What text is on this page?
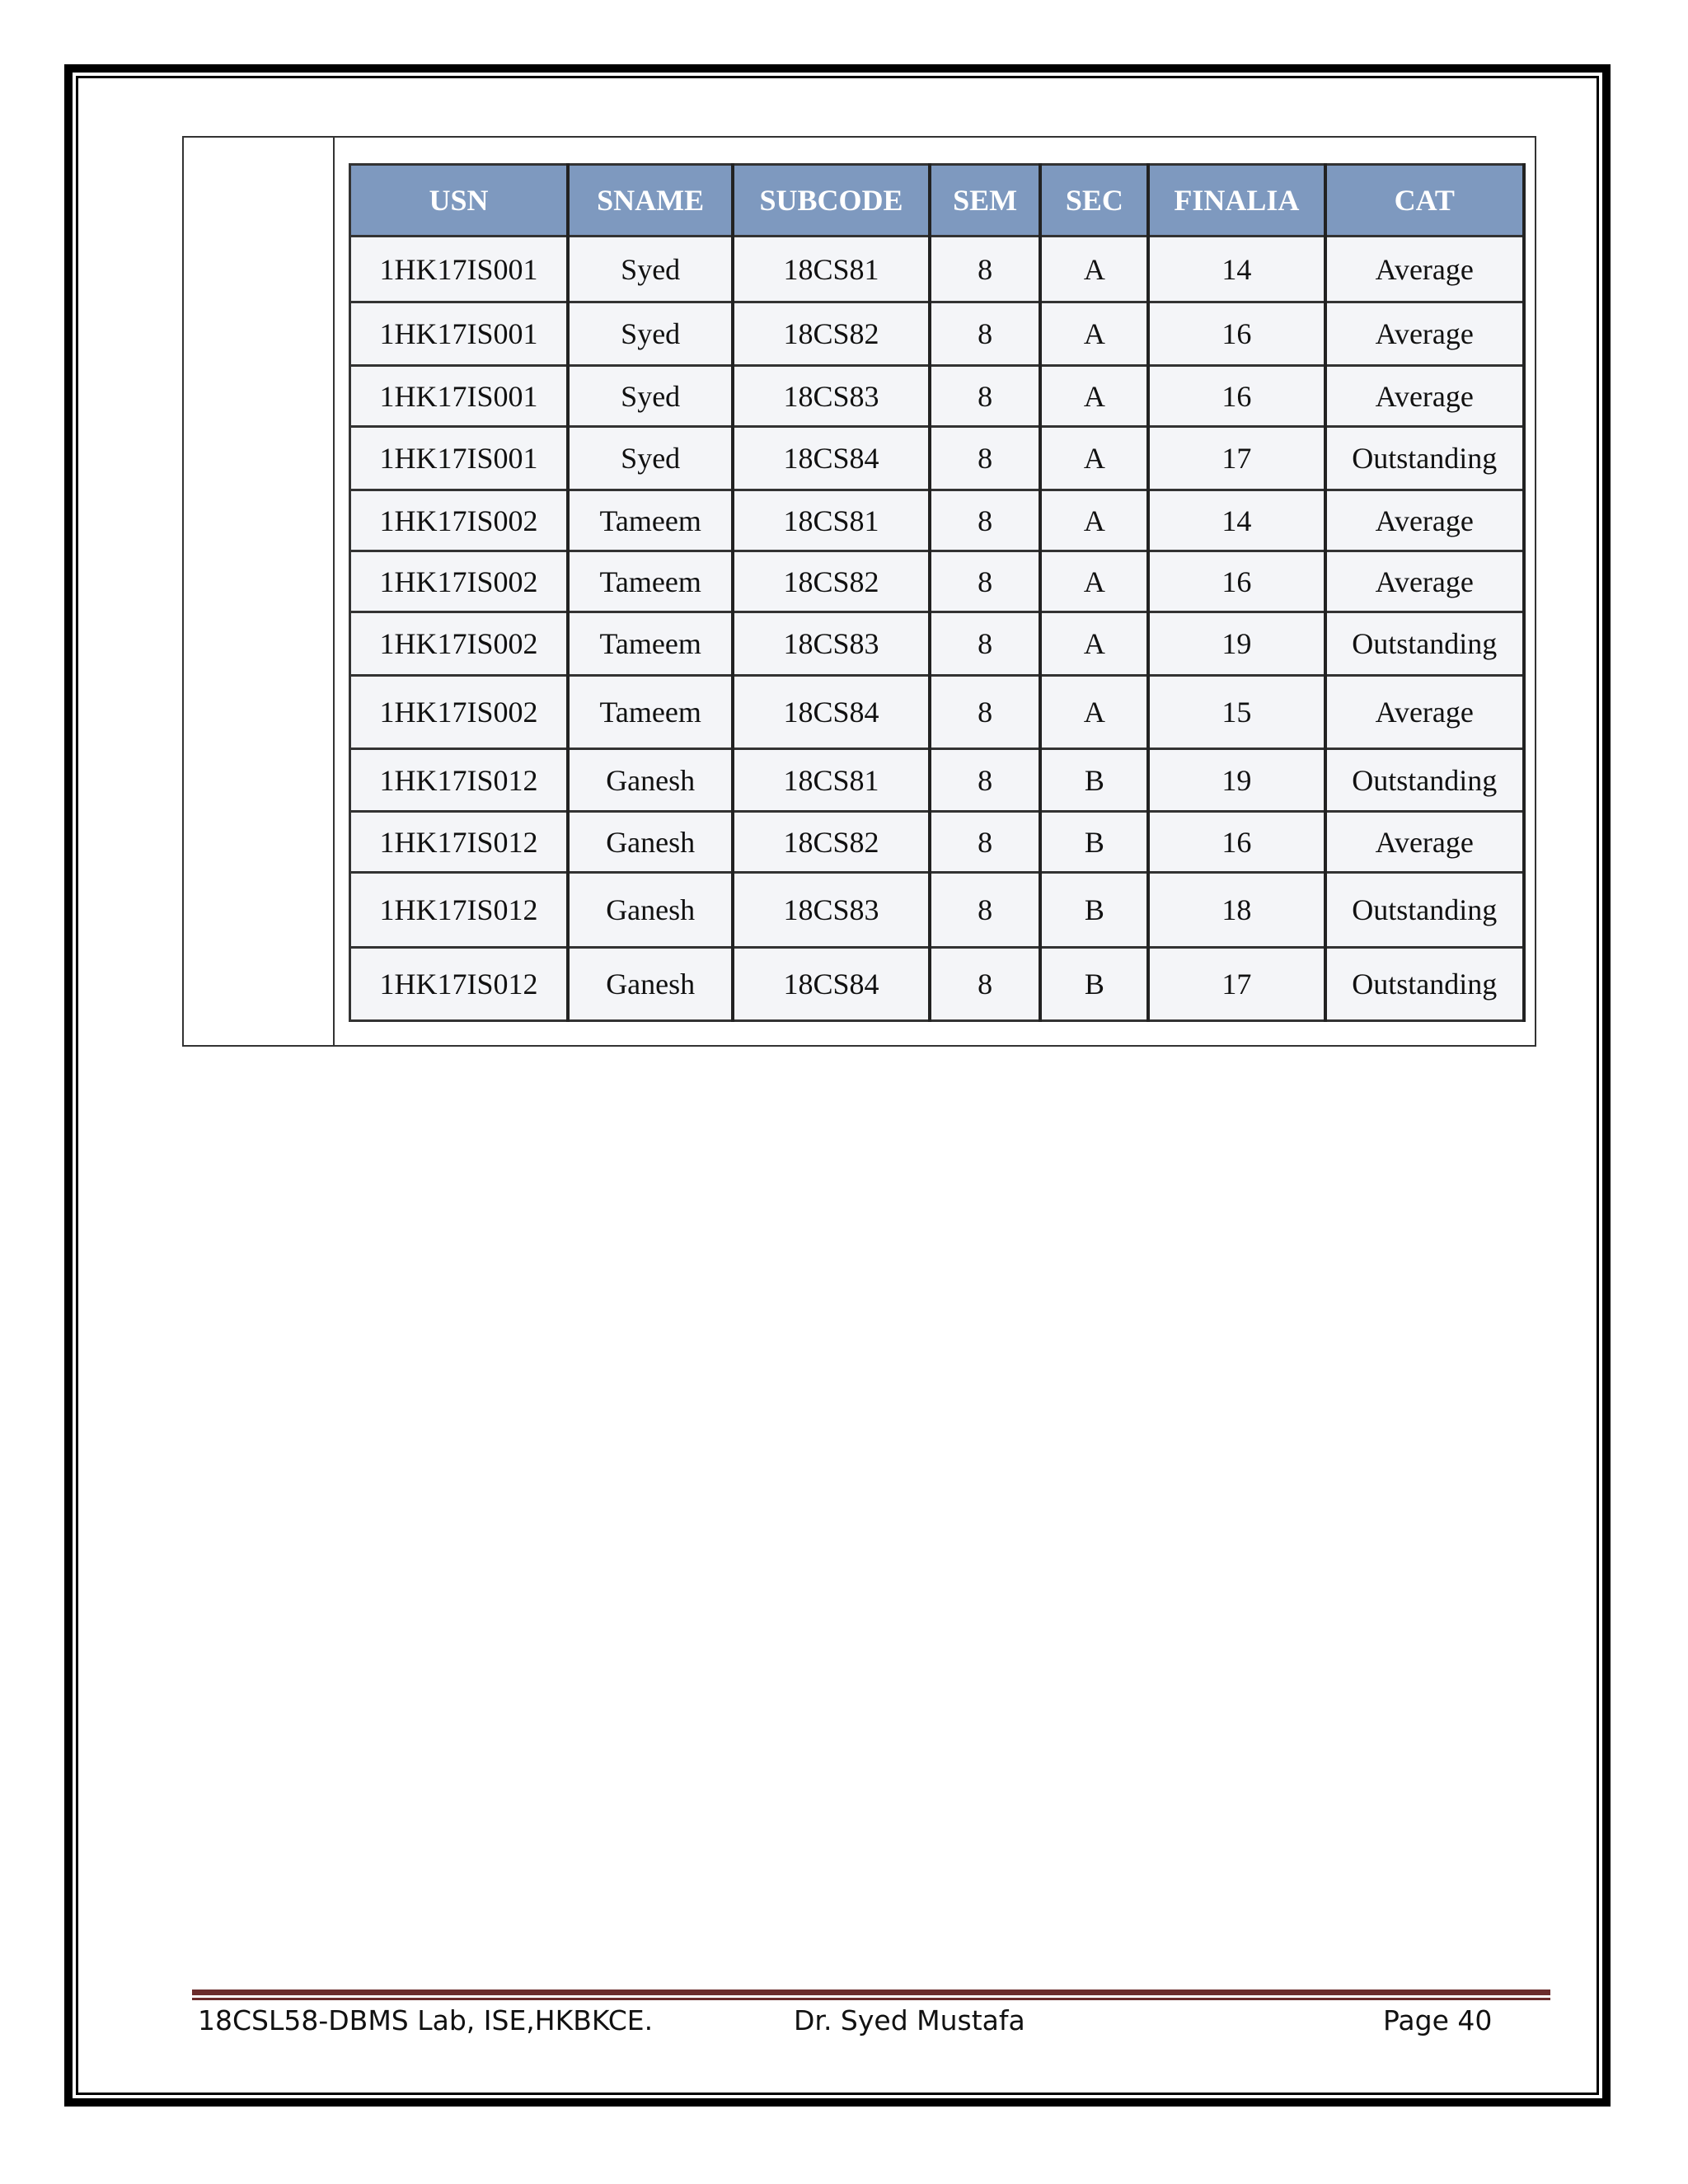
USN	SNAME	SUBCODE	SEM	SEC	FINALIA	CAT
1HK17IS001	Syed	18CS81	8	A	14	Average
1HK17IS001	Syed	18CS82	8	A	16	Average
1HK17IS001	Syed	18CS83	8	A	16	Average
1HK17IS001	Syed	18CS84	8	A	17	Outstanding
1HK17IS002	Tameem	18CS81	8	A	14	Average
1HK17IS002	Tameem	18CS82	8	A	16	Average
1HK17IS002	Tameem	18CS83	8	A	19	Outstanding
1HK17IS002	Tameem	18CS84	8	A	15	Average
1HK17IS012	Ganesh	18CS81	8	B	19	Outstanding
1HK17IS012	Ganesh	18CS82	8	B	16	Average
1HK17IS012	Ganesh	18CS83	8	B	18	Outstanding
1HK17IS012	Ganesh	18CS84	8	B	17	Outstanding
18CSL58-DBMS Lab, ISE,HKBKCE.	Dr. Syed Mustafa	Page 40
